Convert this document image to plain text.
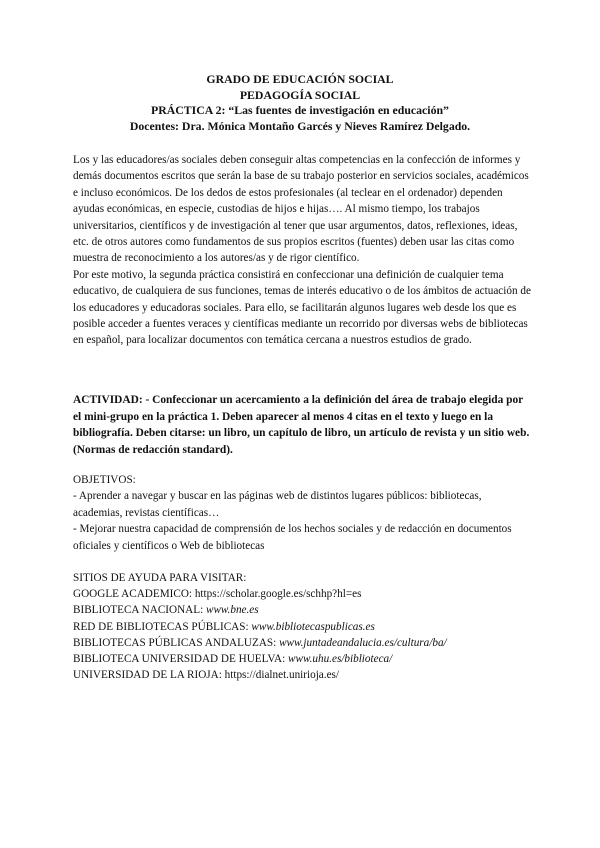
GRADO DE EDUCACIÓN SOCIAL
PEDAGOGÍA SOCIAL
PRÁCTICA 2: “Las fuentes de investigación en educación”
Docentes: Dra. Mónica Montaño Garcés y Nieves Ramírez Delgado.

Los y las educadores/as sociales deben conseguir altas competencias en la confección de informes y demás documentos escritos que serán la base de su trabajo posterior en servicios sociales, académicos e incluso económicos. De los dedos de estos profesionales (al teclear en el ordenador) dependen ayudas económicas, en especie, custodias de hijos e hijas…. Al mismo tiempo, los trabajos universitarios, científicos y de investigación al tener que usar argumentos, datos, reflexiones, ideas, etc. de otros autores como fundamentos de sus propios escritos (fuentes) deben usar las citas como muestra de reconocimiento a los autores/as y de rigor científico.

Por este motivo, la segunda práctica consistirá en confeccionar una definición de cualquier tema educativo, de cualquiera de sus funciones, temas de interés educativo o de los ámbitos de actuación de los educadores y educadoras sociales. Para ello, se facilitarán algunos lugares web desde los que es posible acceder a fuentes veraces y científicas mediante un recorrido por diversas webs de bibliotecas en español, para localizar documentos con temática cercana a nuestros estudios de grado.

ACTIVIDAD: - Confeccionar un acercamiento a la definición del área de trabajo elegida por el mini-grupo en la práctica 1. Deben aparecer al menos 4 citas en el texto y luego en la bibliografía. Deben citarse: un libro, un capítulo de libro, un artículo de revista y un sitio web. (Normas de redacción standard).

OBJETIVOS:

- Aprender a navegar y buscar en las páginas web de distintos lugares públicos: bibliotecas, academias, revistas científicas…

- Mejorar nuestra capacidad de comprensión de los hechos sociales y de redacción en documentos oficiales y científicos o Web de bibliotecas

SITIOS DE AYUDA PARA VISITAR:
GOOGLE ACADEMICO: https://scholar.google.es/schhp?hl=es
BIBLIOTECA NACIONAL: www.bne.es
RED DE BIBLIOTECAS PÚBLICAS: www.bibliotecaspublicas.es
BIBLIOTECAS PÚBLICAS ANDALUZAS: www.juntadeandalucia.es/cultura/ba/
BIBLIOTECA UNIVERSIDAD DE HUELVA: www.uhu.es/biblioteca/
UNIVERSIDAD DE LA RIOJA: https://dialnet.unirioja.es/
